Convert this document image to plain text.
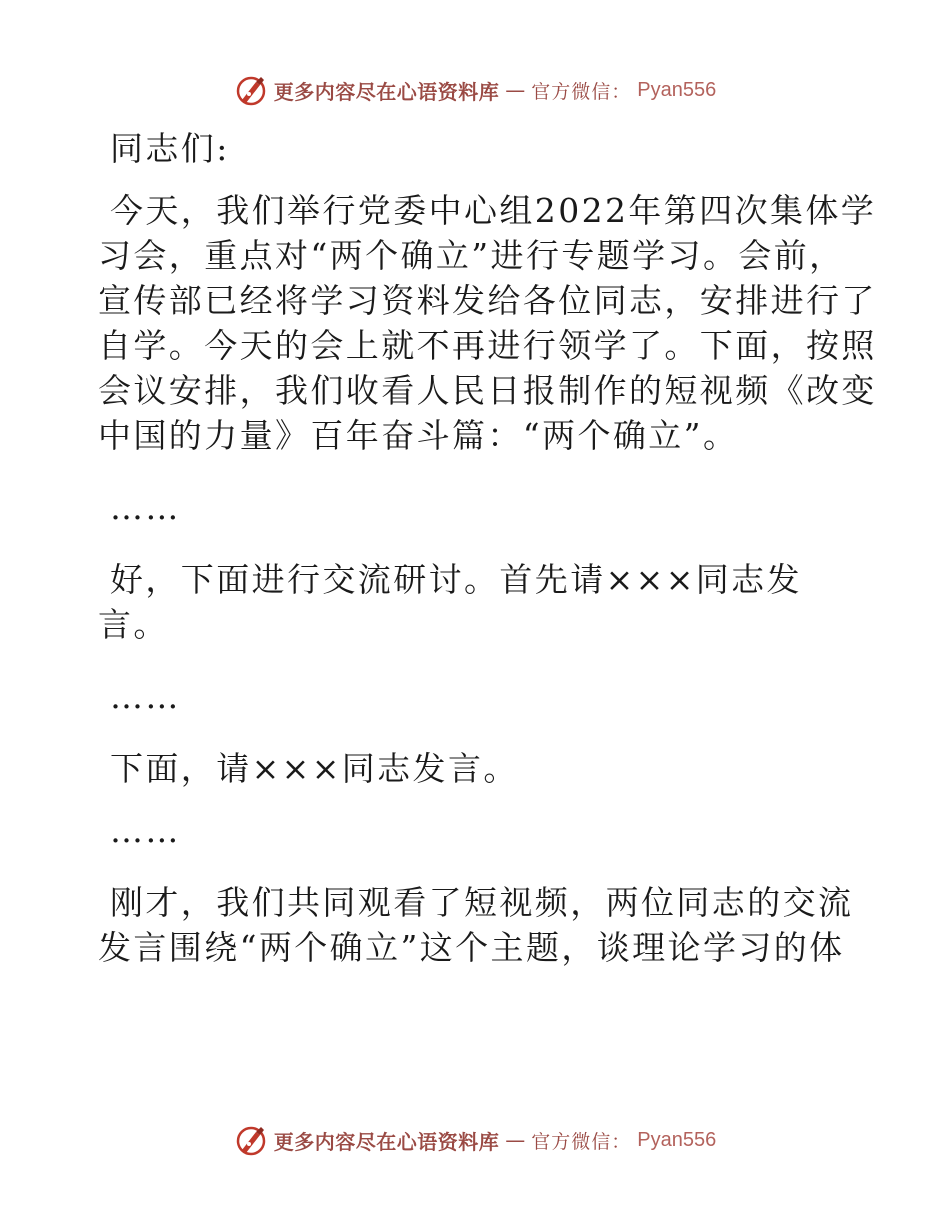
更多内容尽在心语资料库 — 官方微信： Pyan556

同志们:

今天，我们举行党委中心组2022年第四次集体学

习会，重点对“两个确立”进行专题学习。会前，

宣传部已经将学习资料发给各位同志，安排进行了

自学。今天的会上就不再进行领学了。下面，按照

会议安排，我们收看人民日报制作的短视频《改变

中国的力量》百年奋斗篇：“两个确立”。

……

好，下面进行交流研讨。首先请×××同志发

言。

……

下面，请×××同志发言。

……

刚才，我们共同观看了短视频，两位同志的交流

发言围绕“两个确立”这个主题，谈理论学习的体

更多内容尽在心语资料库 — 官方微信： Pyan556
